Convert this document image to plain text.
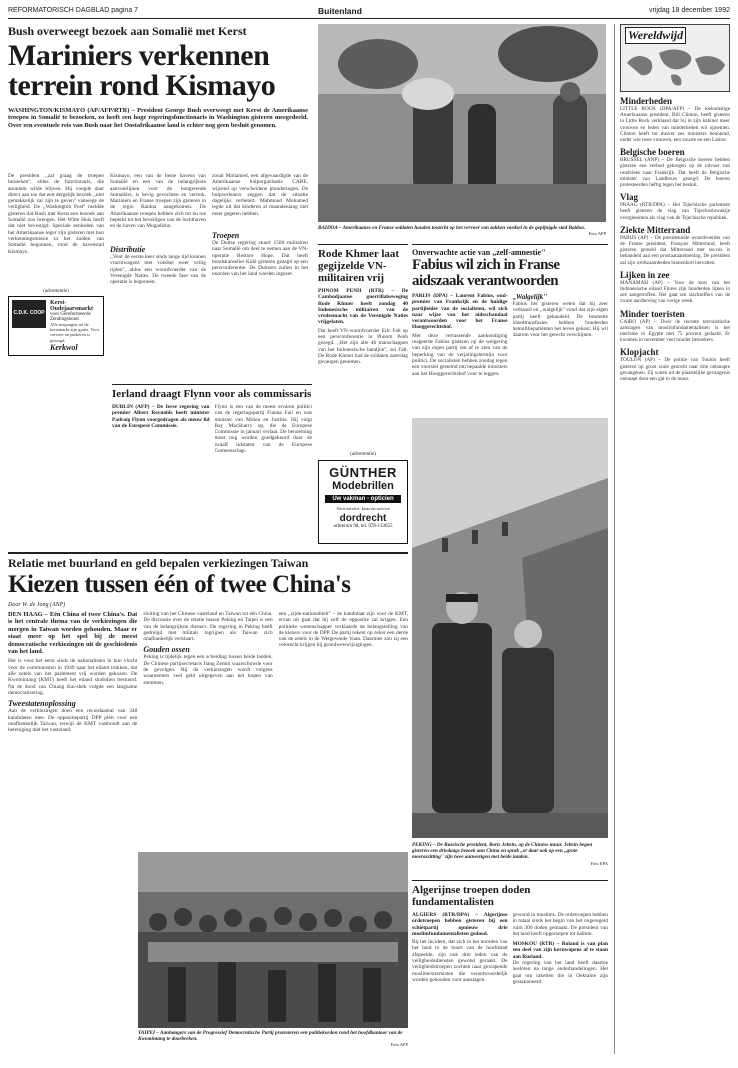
REFORMATORISCH DAGBLAD pagina 7	Buitenland	vrijdag 18 december 1992
Bush overweegt bezoek aan Somalië met Kerst
Mariniers verkennen
terrein rond Kismayo
WASHINGTON/KISMAYO (AP/AFP/RTR) – President George Bush overweegt met Kerst de Amerikaanse troepen in Somalië te bezoeken, zo heeft een hoge regeringsfunctionaris in Washington gisteren meegedeeld. Over een eventuele reis van Bush naar het Oostafrikaanse land is echter nog geen besluit genomen.
De president ,,zal graag de troepen bezoeken'', aldus de functionaris, die anoniem wilde blijven. Hij voegde daar direct aan toe dat een dergelijk bezoek ,,niet gemakkelijk zal zijn te geven'' vanwege de veiligheid. De ,,Washington Post'' meldde gisteren dat Bush met Kerst een bezoek aan Somalië zou brengen. Het Witte Huis heeft dat niet bevestigd. Speciale eenheden van het Amerikaanse leger zijn gisteren met hun verkenningsmissie in het zuiden van Somalië begonnen, rond de havenstad Kismayo.
(advertentie)
C.D.K. COOP
Kerst- Oudejaarsmarkt
voor Gereformeerde Zendingsbond
Alle toegangen tot de kerstmarkt zijn gratis. Voor vervoer en parkeren is gezorgd.
Kerkwol
Kismayo, een van de beste havens van Somalië en een van de belangrijkste aanvoerlijnen voor de hongerende Somaliërs, is hevig gevochten en vertrok. Mariniers en Franse troepen zijn gisteren in de regio Baidoa aangekomen. De Amerikaanse troepen hebben zich tot nu toe beperkt tot het beveiligen van de luchthaven en de haven van Mogadishu.
Distributie
,,Voor de eerste keer sinds lange tijd kunnen vrachtwagens met voedsel weer veilig rijden'', aldus een woordvoerder van de Verenigde Naties. De tweede fase van de operatie is begonnen.
zonal Mohamed, een afgevaardigde van de Amerikaanse hulporganisatie CARE, wijzend op verscheidene plunderingen. De hulpverleners zeggen dat de situatie dagelijks verbetert. Mahmoud Mohamed legde uit dat kinderen al maandenlang niet meer gegeten hebben.
Troepen
De Duitse regering stuurt 1500 militairen naar Somalië om deel te nemen aan de VN-operatie Restore Hope. Dat heeft bondskanselier Kohl gisteren gezegd op een persconferentie. De Duitsers zullen in het noorden van het land worden ingezet.
BAIDOA – Amerikaanse en Franse soldaten houden toezicht op het vervoer van zakken voedsel in de gepijnigde stad Baidoa.
Foto AFP
Rode Khmer laat gegijzelde VN-militairen vrij
PHNOM PENH (RTR) – De Cambodjaanse guerrillabeweging Rode Khmer heeft zondag 40 Indonesische militairen van de vredesmacht van de Verenigde Naties vrijgelaten.
Dat heeft VN-woordvoerder Eric Falt op een persconferentie in Phnom Penh gezegd. ,,Het zijn alle 46 manschappen van het Indonesische bataljon'', zei Falt. De Rode Khmer had de soldaten zaterdag gevangen genomen.
(advertentie)
GÜNTHER
Modebrillen
Uw vakman - opticien
Voor service, keus en service
dordrecht
achterom 98, tel. 078-133655
Onverwachte actie van ,,zelf-amnestie''
Fabius wil zich in Franse
aidszaak verantwoorden
PARIJS (DPA) – Laurent Fabius, oud-premier van Frankrijk en de huidige partijleider van de socialisten, wil zich naar wijze van het aidsschandaal verantwoorden voor het Franse Hooggerechtshof.
Met deze verrassende aankondiging reageerde Fabius gisteren op de weigering van zijn eigen partij om af te zien van de beperking van de verjaringstermijn voor politici. De socialisten hebben zondag tegen een voorstel gestemd om bepaalde ministers aan het Hooggerechtshof voor te leggen.
,,Walgelijk''
Fabius liet gisteren weten dat hij zeer verbaasd en ,,walgelijk'' vond dat zijn eigen partij heeft gehandeld. De besmette bloedtransfusies hebben honderden hemofiliepatiënten het leven gekost. Hij wil daarom voor het gerecht verschijnen.
Ierland draagt Flynn voor als commissaris
DUBLIN (AFP) – De Ierse regering van premier Albert Reynolds heeft minister Padraig Flynn voorgedragen als nieuw lid van de Europese Commissie.
Flynn is een van de meest ervaren politici van de regeringspartij Fianna Fail en was minister van Milieu en Justitie. Hij volgt Ray MacSharry op, die de Europese Commissie in januari verlaat. De benoeming moet nog worden goedgekeurd door de twaalf lidstaten van de Europese Gemeenschap.
Relatie met buurland en geld bepalen verkiezingen Taiwan
Kiezen tussen één of twee China's
Door W. de Jong (ANP)
DEN HAAG – Eén China of twee China's. Dat is het centrale thema van de verkiezingen die morgen in Taiwan worden gehouden. Maar er staat meer op het spel bij de meest democratische verkiezingen uit de geschiedenis van het land.
Het is voor het eerst sinds de nationalisten in hun vlucht voor de communisten in 1949 naar het eiland trokken, dat alle zetels van het parlement vrij worden gekozen. De Kwomintang (KMT) heeft het eiland sindsdien bestuurd. Na de dood van Chiang Kai-shek volgde een langzame democratisering.
Tweestatenoplossing
Aan de verkiezingen doen een recordaantal van 348 kandidaten mee. De oppositiepartij DPP pleit voor een onafhankelijk Taiwan, terwijl de KMT vasthoudt aan de hereniging met het vasteland.
sluiting van het Chinese vasteland en Taiwan tot één China. De discussie over de relatie tussen Peking en Taipei is een van de belangrijkste thema's. De regering in Peking heeft gedreigd met militair ingrijpen als Taiwan zich onafhankelijk verklaart.
Gouden ossen
Peking is tijdelijk tegen een scheiding tussen beide landen. De Chinese partijsecretaris Jiang Zemin waarschuwde voor de gevolgen. Bij de verkiezingen wordt volgens waarnemers veel geld uitgegeven aan het kopen van stemmen.
een ,,zijde-nationaliteit'' – de kandidaat zijn voor de KMT, ervan uit gaat dat hij zelf de oppositie zal krijgen. Een politieke wetenschapper verklaarde de belangstelling van de kiezers voor de DPP. De partij rekent op zeker een derde van de zetels in de Wetgevende Yuan. Daarmee zou zij een vetorecht krijgen bij grondwetswijzigingen.
TAIPEI – Aanhangers van de Progressief Democratische Partij protesteren een politiekordon rond het hoofdkantoor van de Kwomintang te doorbreken.
Foto AFP
PEKING – De Russische president, Boris Jeltsin, op de Chinese muur. Jeltsin begon gisteren een driedaags bezoek aan China en sprak ,,er daar ook op een ,,grote moeraszitting'' zijn twee aanwezigen met beide landen.
Foto EPA
Algerijnse troepen doden fundamentalisten
ALGIERS (RTR/DPA) – Algerijnse ordetroepen hebben gisteren bij een schietpartij opnieuw drie moslimfundamentalisten gedood.
Bij het incident, dat zich in het noorden van het land in de buurt van de hoofdstad afspeelde, zijn ook drie leden van de veiligheidsdiensten gewond geraakt. De veiligheidstroepen zochten naar gewapende moslimextremisten die verantwoordelijk worden gehouden voor aanslagen.
gewond in moslims. De ordetroepen hebben in totaal sinds het begin van het ongeregeld ruim 300 doden gemaakt. De president van het land heeft opgeroepen tot kalmte.
MOSKOU (RTR) – Roland is van plan een deel van zijn kernwapens af te staan aan Rusland.
De regering van het land heeft daartoe besloten na lange onderhandelingen. Het gaat om raketten die in Oekraïne zijn gestationeerd.
Wereldwijd
Minderheden
LITTLE ROCK (DPA/AFP) – De toekomstige Amerikaanse president, Bill Clinton, heeft gisteren in Little Rock verklaard dat hij in zijn kabinet meer vrouwen en leden van minderheden wil opnemen. Clinton heeft tot dusver zes ministers benoemd, onder wie twee vrouwen, een zwarte en een Latino.
Belgische boeren
BRUSSEL (ANP) – De Belgische boeren hebben gisteren een verbod gekregen op de uitvoer van rundvlees naar Frankrijk. Dat heeft de Belgische minister van Landbouw gezegd. De boeren protesteerden heftig tegen het besluit.
Vlag
PRAAG (RTR/DPA) – Het Tsjechische parlement heeft gisteren de vlag van Tsjechoslowakije overgenomen als vlag van de Tsjechische republiek.
Ziekte Mitterrand
PARIJS (AP) – De presidentiële woordvoerder van de Franse president, François Mitterrand, heeft gisteren gemeld dat Mitterrand met succes is behandeld aan een prostaataandoening. De president zal zijn werkzaamheden binnenkort hervatten.
Lijken in zee
MANAMAH (AP) – Voor de kust van het Indonesische eiland Flores zijn honderden lijken in zee aangetroffen. Het gaat om slachtoffers van de zware aardbeving van vorige week.
Minder toeristen
CAIRO (AP) – Door de recente terroristische aanslagen van moslimfundamentalisten is het toerisme in Egypte met 75 procent gedaald. Er kwamen in november veel minder bezoekers.
Klopjacht
TOULON (AP) – De politie van Toulon heeft gisteren op groot scale gezocht naar drie ontsnapte gevangenen. Zij waren uit de plaatselijke gevangenis ontsnapt door een gat in de muur.
